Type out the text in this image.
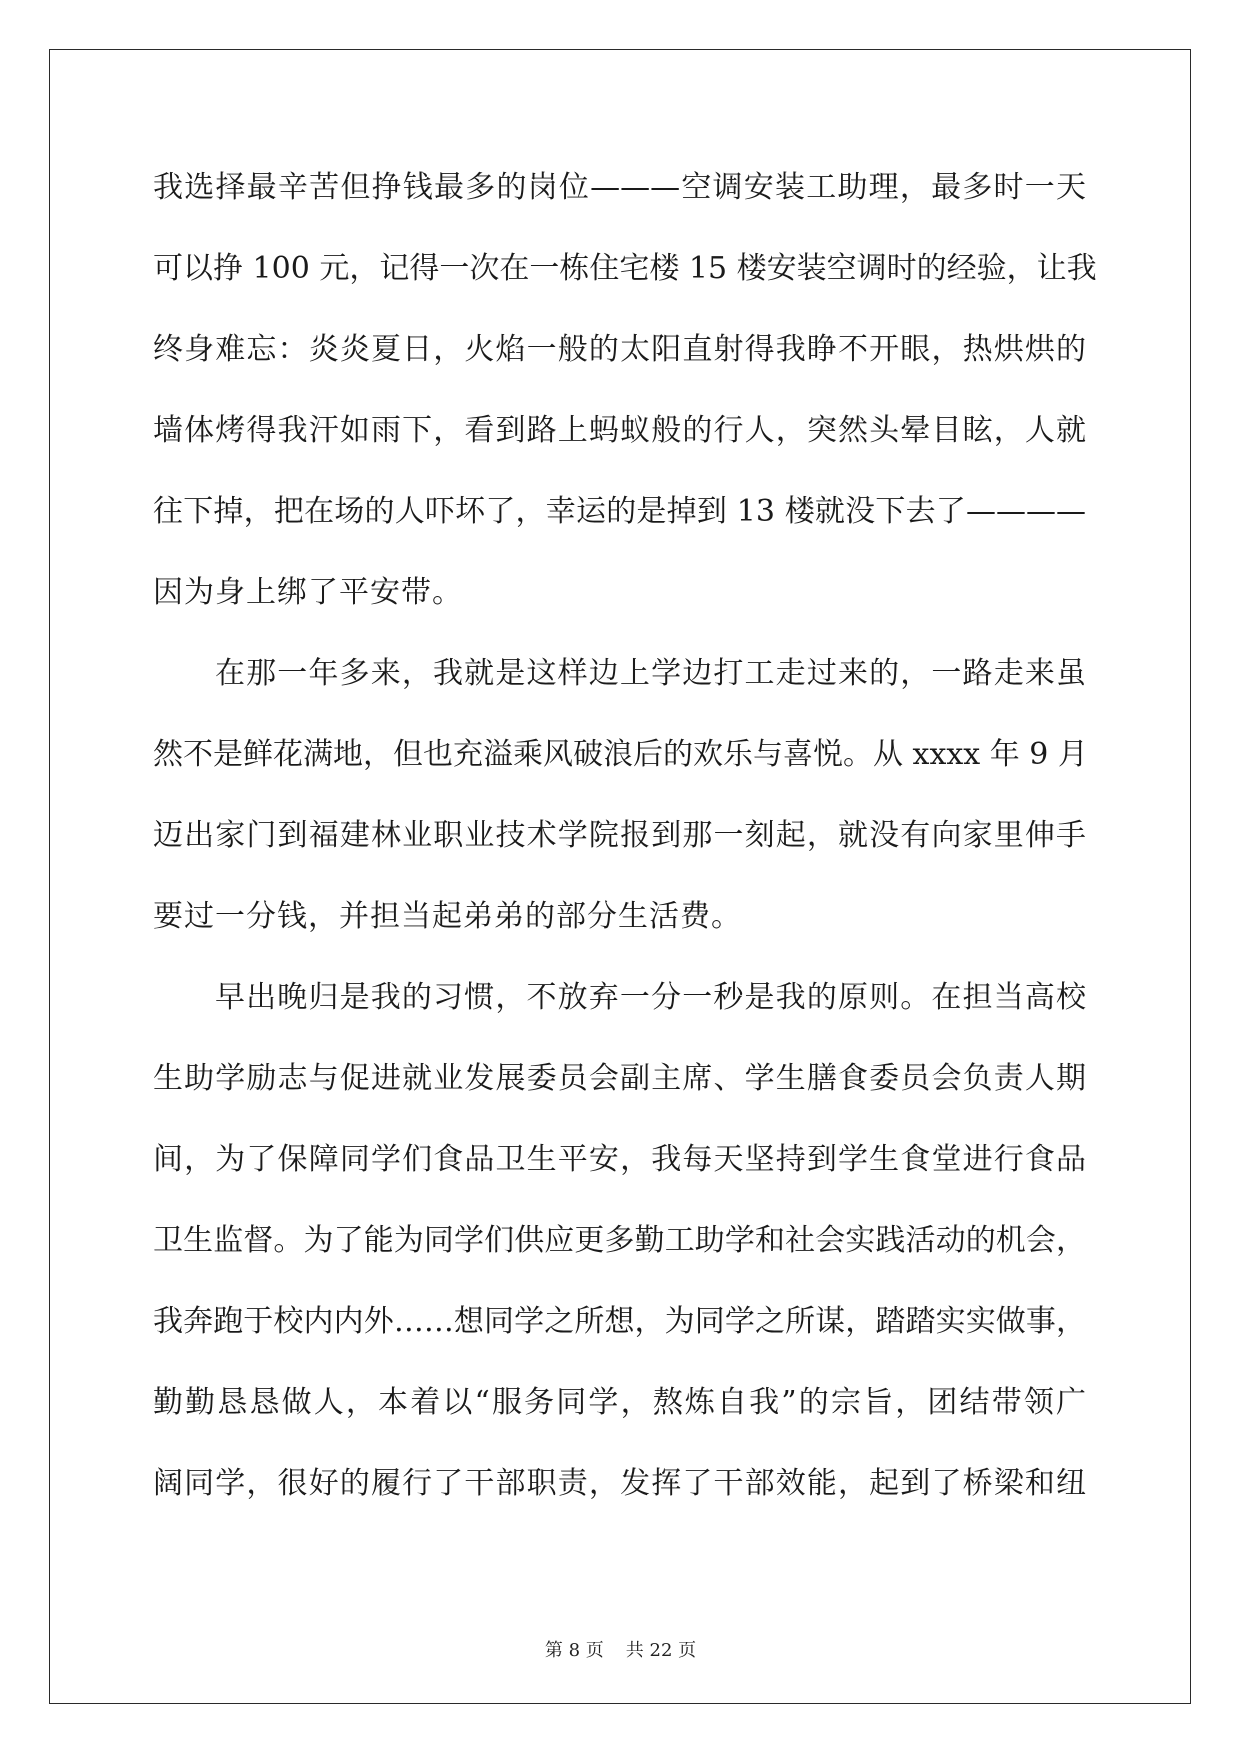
我选择最辛苦但挣钱最多的岗位———空调安装工助理，最多时一天
可以挣 100 元，记得一次在一栋住宅楼 15 楼安装空调时的经验，让我
终身难忘：炎炎夏日，火焰一般的太阳直射得我睁不开眼，热烘烘的
墙体烤得我汗如雨下，看到路上蚂蚁般的行人，突然头晕目眩，人就
往下掉，把在场的人吓坏了，幸运的是掉到 13 楼就没下去了————
因为身上绑了平安带。
在那一年多来，我就是这样边上学边打工走过来的，一路走来虽
然不是鲜花满地，但也充溢乘风破浪后的欢乐与喜悦。从 xxxx 年 9 月
迈出家门到福建林业职业技术学院报到那一刻起，就没有向家里伸手
要过一分钱，并担当起弟弟的部分生活费。
早出晚归是我的习惯，不放弃一分一秒是我的原则。在担当高校
生助学励志与促进就业发展委员会副主席、学生膳食委员会负责人期
间，为了保障同学们食品卫生平安，我每天坚持到学生食堂进行食品
卫生监督。为了能为同学们供应更多勤工助学和社会实践活动的机会，
我奔跑于校内内外……想同学之所想，为同学之所谋，踏踏实实做事，
勤勤恳恳做人，本着以“服务同学，熬炼自我”的宗旨，团结带领广
阔同学，很好的履行了干部职责，发挥了干部效能，起到了桥梁和纽
第 8 页 共 22 页
